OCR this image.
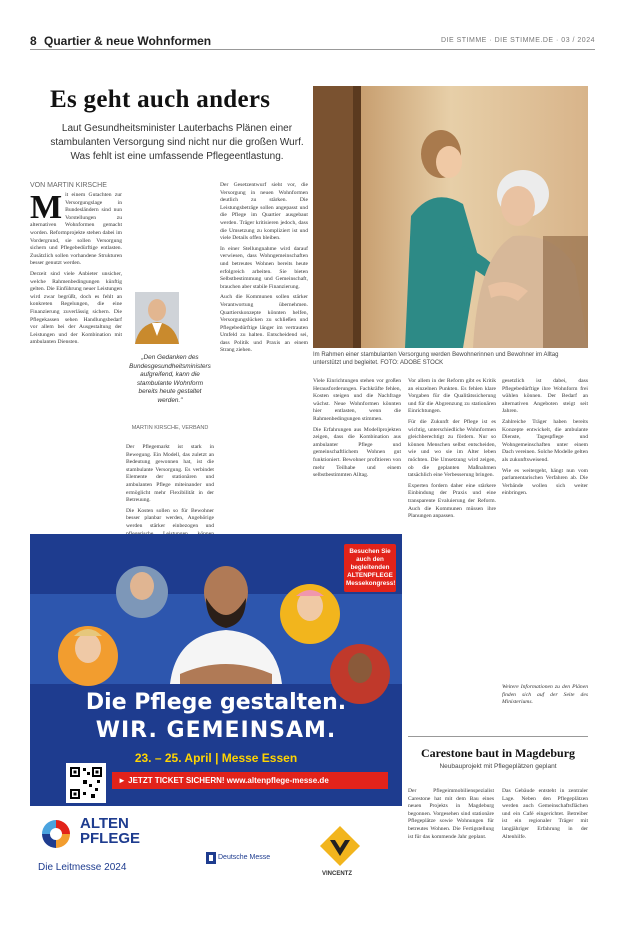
8 Quartier & neue Wohnformen	DIE STIMME · DIE STIMME.DE · 03 / 2024
Es geht auch anders
Laut Gesundheitsminister Lauterbachs Plänen einer stambulanten Versorgung sind nicht nur die großen Wurf. Was fehlt ist eine umfassende Pflegeentlastung.
VON MARTIN KIRSCHE
Im Rahmen einer stambulanten Versorgung werden Bewohnerinnen und Bewohner im Alltag unterstützt und begleitet. FOTO: ADOBE STOCK

Mit einem Gutachten zur Versorgungslage in Bundesländern sind nun Vorstellungen zu alternativen Wohnformen gemacht worden. Reformprojekte stehen dabei im Vordergrund, sie sollen Versorgung sichern und Pflegebedürftige entlasten. Zusätzlich sollen vorhandene Strukturen besser genutzt werden.

Derzeit sind viele Anbieter unsicher, welche Rahmenbedingungen künftig gelten. Die Einführung neuer Leistungen wird zwar begrüßt, doch es fehlt an konkreten Regelungen, die eine Finanzierung zuverlässig sichern. Die Pflegekassen sehen Handlungsbedarf vor allem bei der Ausgestaltung der Leistungen und der Kombination mit ambulanten Diensten.

„Den Gedanken des Bundesgesundheitsministers aufgreifend, kann die stambulante Wohnform bereits heute gestaltet werden."
MARTIN KIRSCHE, VERBAND

Der Pflegemarkt ist stark in Bewegung. Ein Modell, das zuletzt an Bedeutung gewonnen hat, ist die stambulante Versorgung. Es verbindet Elemente der stationären und ambulanten Pflege miteinander und ermöglicht mehr Flexibilität in der Betreuung.

Die Kosten sollen so für Bewohner besser planbar werden, Angehörige werden stärker einbezogen und

Der Gesetzentwurf sieht vor, die Versorgung in neuen Wohnformen deutlich zu stärken. Die Leistungsbeträge sollen angepasst und die Pflege im Quartier ausgebaut werden. Träger kritisieren jedoch, dass die Umsetzung zu kompliziert ist und viele Details offen bleiben.

In einer Stellungnahme wird darauf verwiesen, dass Wohngemeinschaften und betreutes Wohnen bereits heute erfolgreich arbeiten. Sie bieten Selbstbestimmung und Gemeinschaft, brauchen aber stabile Finanzierung.

Auch die Kommunen sollen stärker Verantwortung übernehmen. Quartierskonzepte könnten helfen, Versorgungslücken zu schließen und Pflegebedürftige länger im vertrauten Umfeld zu halten. Entscheidend sei, dass Politik und Praxis an einem Strang ziehen.

Viele Einrichtungen stehen vor großen Herausforderungen. Fachkräfte fehlen, Kosten steigen und die Nachfrage wächst. Neue Wohnformen könnten hier entlasten, wenn die Rahmenbedingungen stimmen.

Die Erfahrungen aus Modellprojekten zeigen, dass die Kombination aus ambulanter Pflege und gemeinschaftlichem Wohnen gut funktioniert. Bewohner profitieren von mehr Teilhabe und einem selbstbestimmten Alltag.

Vor allem in der Reform gibt es Kritik an einzelnen Punkten. Es fehlen klare Vorgaben für die Qualitätssicherung und für die Abgrenzung zu stationären Einrichtungen.

Für die Zukunft der Pflege ist es wichtig, unterschiedliche Wohnformen gleichberechtigt zu fördern. Nur so können Menschen selbst entscheiden, wie und wo sie im Alter leben möchten. Die Umsetzung wird zeigen, ob die geplanten Maßnahmen tatsächlich eine Verbesserung bringen.

Experten fordern daher eine stärkere Einbindung der Praxis und eine transparente Evaluierung der Reform. Auch die Kommunen müssen ihre Planungen anpassen.

gesetzlich ist dabei, dass Pflegebedürftige ihre Wohnform frei wählen können. Der Bedarf an alternativen Angeboten steigt seit Jahren.

Zahlreiche Träger haben bereits Konzepte entwickelt, die ambulante Dienste, Tagespflege und Wohngemeinschaften unter einem Dach vereinen. Solche Modelle gelten als zukunftsweisend.

Wie es weitergeht, hängt nun vom parlamentarischen Verfahren ab. Die Verbände wollen sich weiter einbringen.

Weitere Informationen zu den Plänen finden sich auf der Seite des Ministeriums.
Besuchen Sie auch den begleitenden ALTENPFLEGE Messekongress!
Die Pflege gestalten.
WIR. GEMEINSAM.
23. – 25. April | Messe Essen
► JETZT TICKET SICHERN! www.altenpflege-messe.de
ALTEN
PFLEGE
Die Leitmesse 2024
Deutsche Messe
VINCENTZ
Carestone baut in Magdeburg
Neubauprojekt mit Pflegeplätzen geplant
Der Pflegeimmobilienspezialist Carestone hat mit dem Bau eines neuen Projekts in Magdeburg begonnen. Vorgesehen sind stationäre Pflegeplätze sowie Wohnungen für betreutes Wohnen. Die Fertigstellung ist für das kommende Jahr geplant.
Das Gebäude entsteht in zentraler Lage. Neben den Pflegeplätzen werden auch Gemeinschaftsflächen und ein Café eingerichtet. Betreiber ist ein regionaler Träger mit langjähriger Erfahrung in der Altenhilfe.
